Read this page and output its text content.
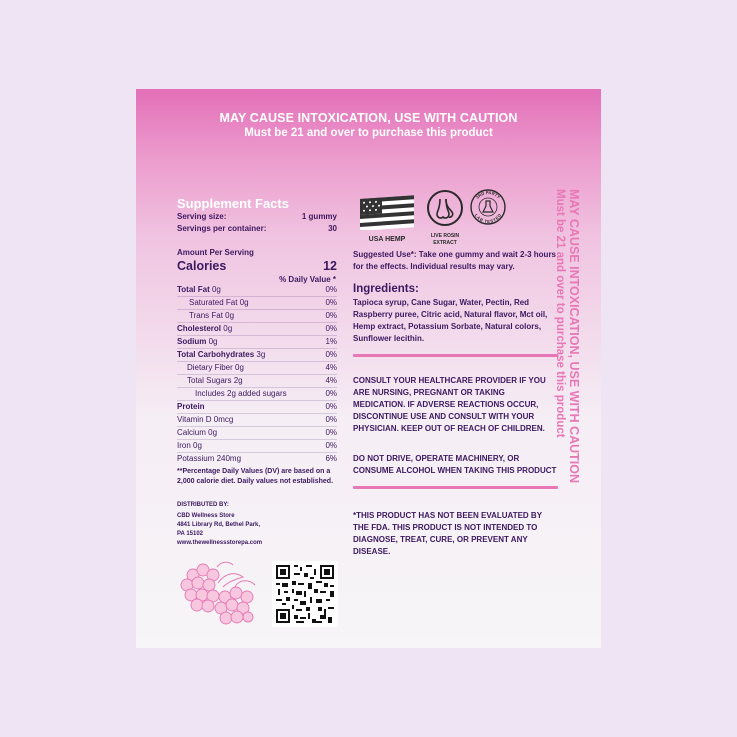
MAY CAUSE INTOXICATION, USE WITH CAUTION
Must be 21 and over to purchase this product
Supplement Facts
Serving size:	1 gummy
Servings per container:	30
Amount Per Serving
Calories	12
% Daily Value *
Total Fat 0g	0%
Saturated Fat 0g	0%
Trans Fat 0g	0%
Cholesterol 0g	0%
Sodium 0g	1%
Total Carbohydrates 3g	0%
Dietary Fiber 0g	4%
Total Sugars 2g	4%
Includes 2g added sugars	0%
Protein	0%
Vitamin D 0mcg	0%
Calcium 0g	0%
Iron 0g	0%
Potassium 240mg	6%
**Percentage Daily Values (DV) are based on a 2,000 calorie diet. Daily values not established.
DISTRIBUTED BY:
CBD Wellness Store
4841 Library Rd, Bethel Park,
PA 15102
www.thewellnessstorepa.com
USA HEMP	LIVE ROSIN
EXTRACT
3RD PARTY
LAB TESTED
Suggested Use*: Take one gummy and wait 2-3 hours for the effects. Individual results may vary.
Ingredients:
Tapioca syrup, Cane Sugar, Water, Pectin, Red Raspberry puree, Citric acid, Natural flavor, Mct oil, Hemp extract, Potassium Sorbate, Natural colors, Sunflower lecithin.
CONSULT YOUR HEALTHCARE PROVIDER IF YOU ARE NURSING, PREGNANT OR TAKING MEDICATION. IF ADVERSE REACTIONS OCCUR, DISCONTINUE USE AND CONSULT WITH YOUR PHYSICIAN. KEEP OUT OF REACH OF CHILDREN.
DO NOT DRIVE, OPERATE MACHINERY, OR CONSUME ALCOHOL WHEN TAKING THIS PRODUCT
*THIS PRODUCT HAS NOT BEEN EVALUATED BY THE FDA. THIS PRODUCT IS NOT INTENDED TO DIAGNOSE, TREAT, CURE, OR PREVENT ANY DISEASE.
MAY CAUSE INTOXICATION, USE WITH CAUTION
Must be 21 and over to purchase this product
